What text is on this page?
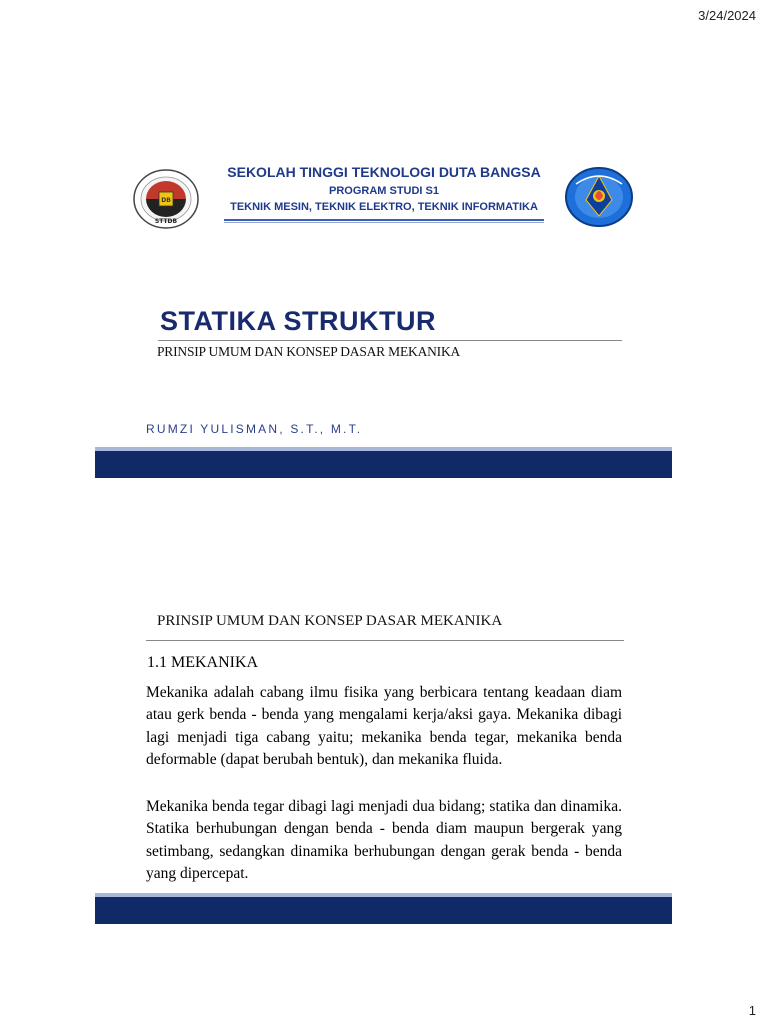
3/24/2024
DB
STTDB
SEKOLAH TINGGI TEKNOLOGI DUTA BANGSA
PROGRAM STUDI S1
TEKNIK MESIN, TEKNIK ELEKTRO, TEKNIK INFORMATIKA
STATIKA STRUKTUR
PRINSIP UMUM DAN KONSEP DASAR MEKANIKA
RUMZI YULISMAN, S.T., M.T.
PRINSIP UMUM DAN KONSEP DASAR MEKANIKA
1.1 MEKANIKA

Mekanika adalah cabang ilmu fisika yang berbicara tentang keadaan diam atau gerk benda - benda yang mengalami kerja/aksi gaya. Mekanika dibagi lagi menjadi tiga cabang yaitu; mekanika benda tegar, mekanika benda deformable (dapat berubah bentuk), dan mekanika fluida.

Mekanika benda tegar dibagi lagi menjadi dua bidang; statika dan dinamika. Statika berhubungan dengan benda - benda diam maupun bergerak yang setimbang, sedangkan dinamika berhubungan dengan gerak benda - benda yang dipercepat.

1
